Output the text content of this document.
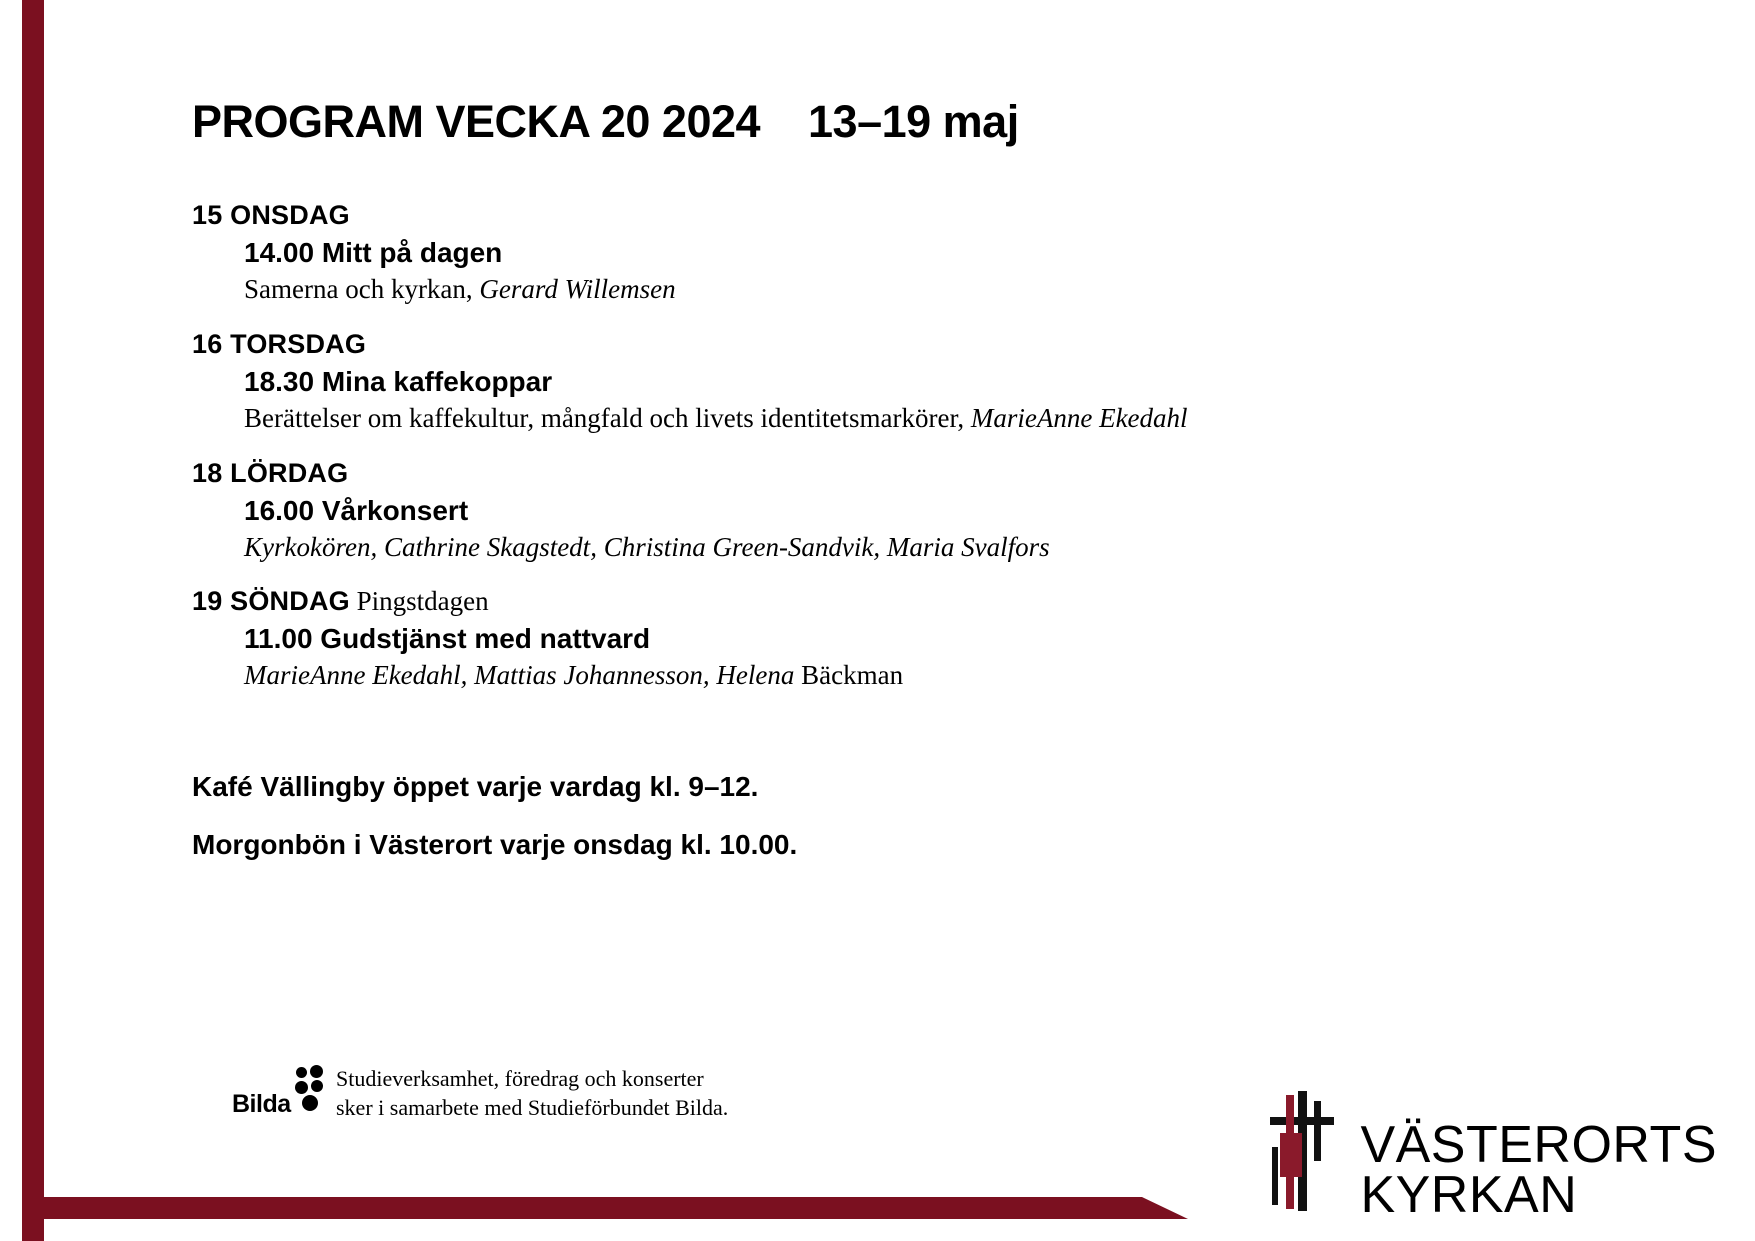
PROGRAM VECKA 20 2024    13–19 maj
15 ONSDAG
14.00 Mitt på dagen
Samerna och kyrkan, Gerard Willemsen
16 TORSDAG
18.30 Mina kaffekoppar
Berättelser om kaffekultur, mångfald och livets identitetsmarkörer, MarieAnne Ekedahl
18 LÖRDAG
16.00 Vårkonsert
Kyrkokören, Cathrine Skagstedt, Christina Green-Sandvik, Maria Svalfors
19 SÖNDAG Pingstdagen
11.00 Gudstjänst med nattvard
MarieAnne Ekedahl, Mattias Johannesson, Helena Bäckman

Kafé Vällingby öppet varje vardag kl. 9–12.

Morgonbön i Västerort varje onsdag kl. 10.00.

Bilda
Studieverksamhet, föredrag och konserter
sker i samarbete med Studieförbundet Bilda.
VÄSTERORTS
KYRKAN
